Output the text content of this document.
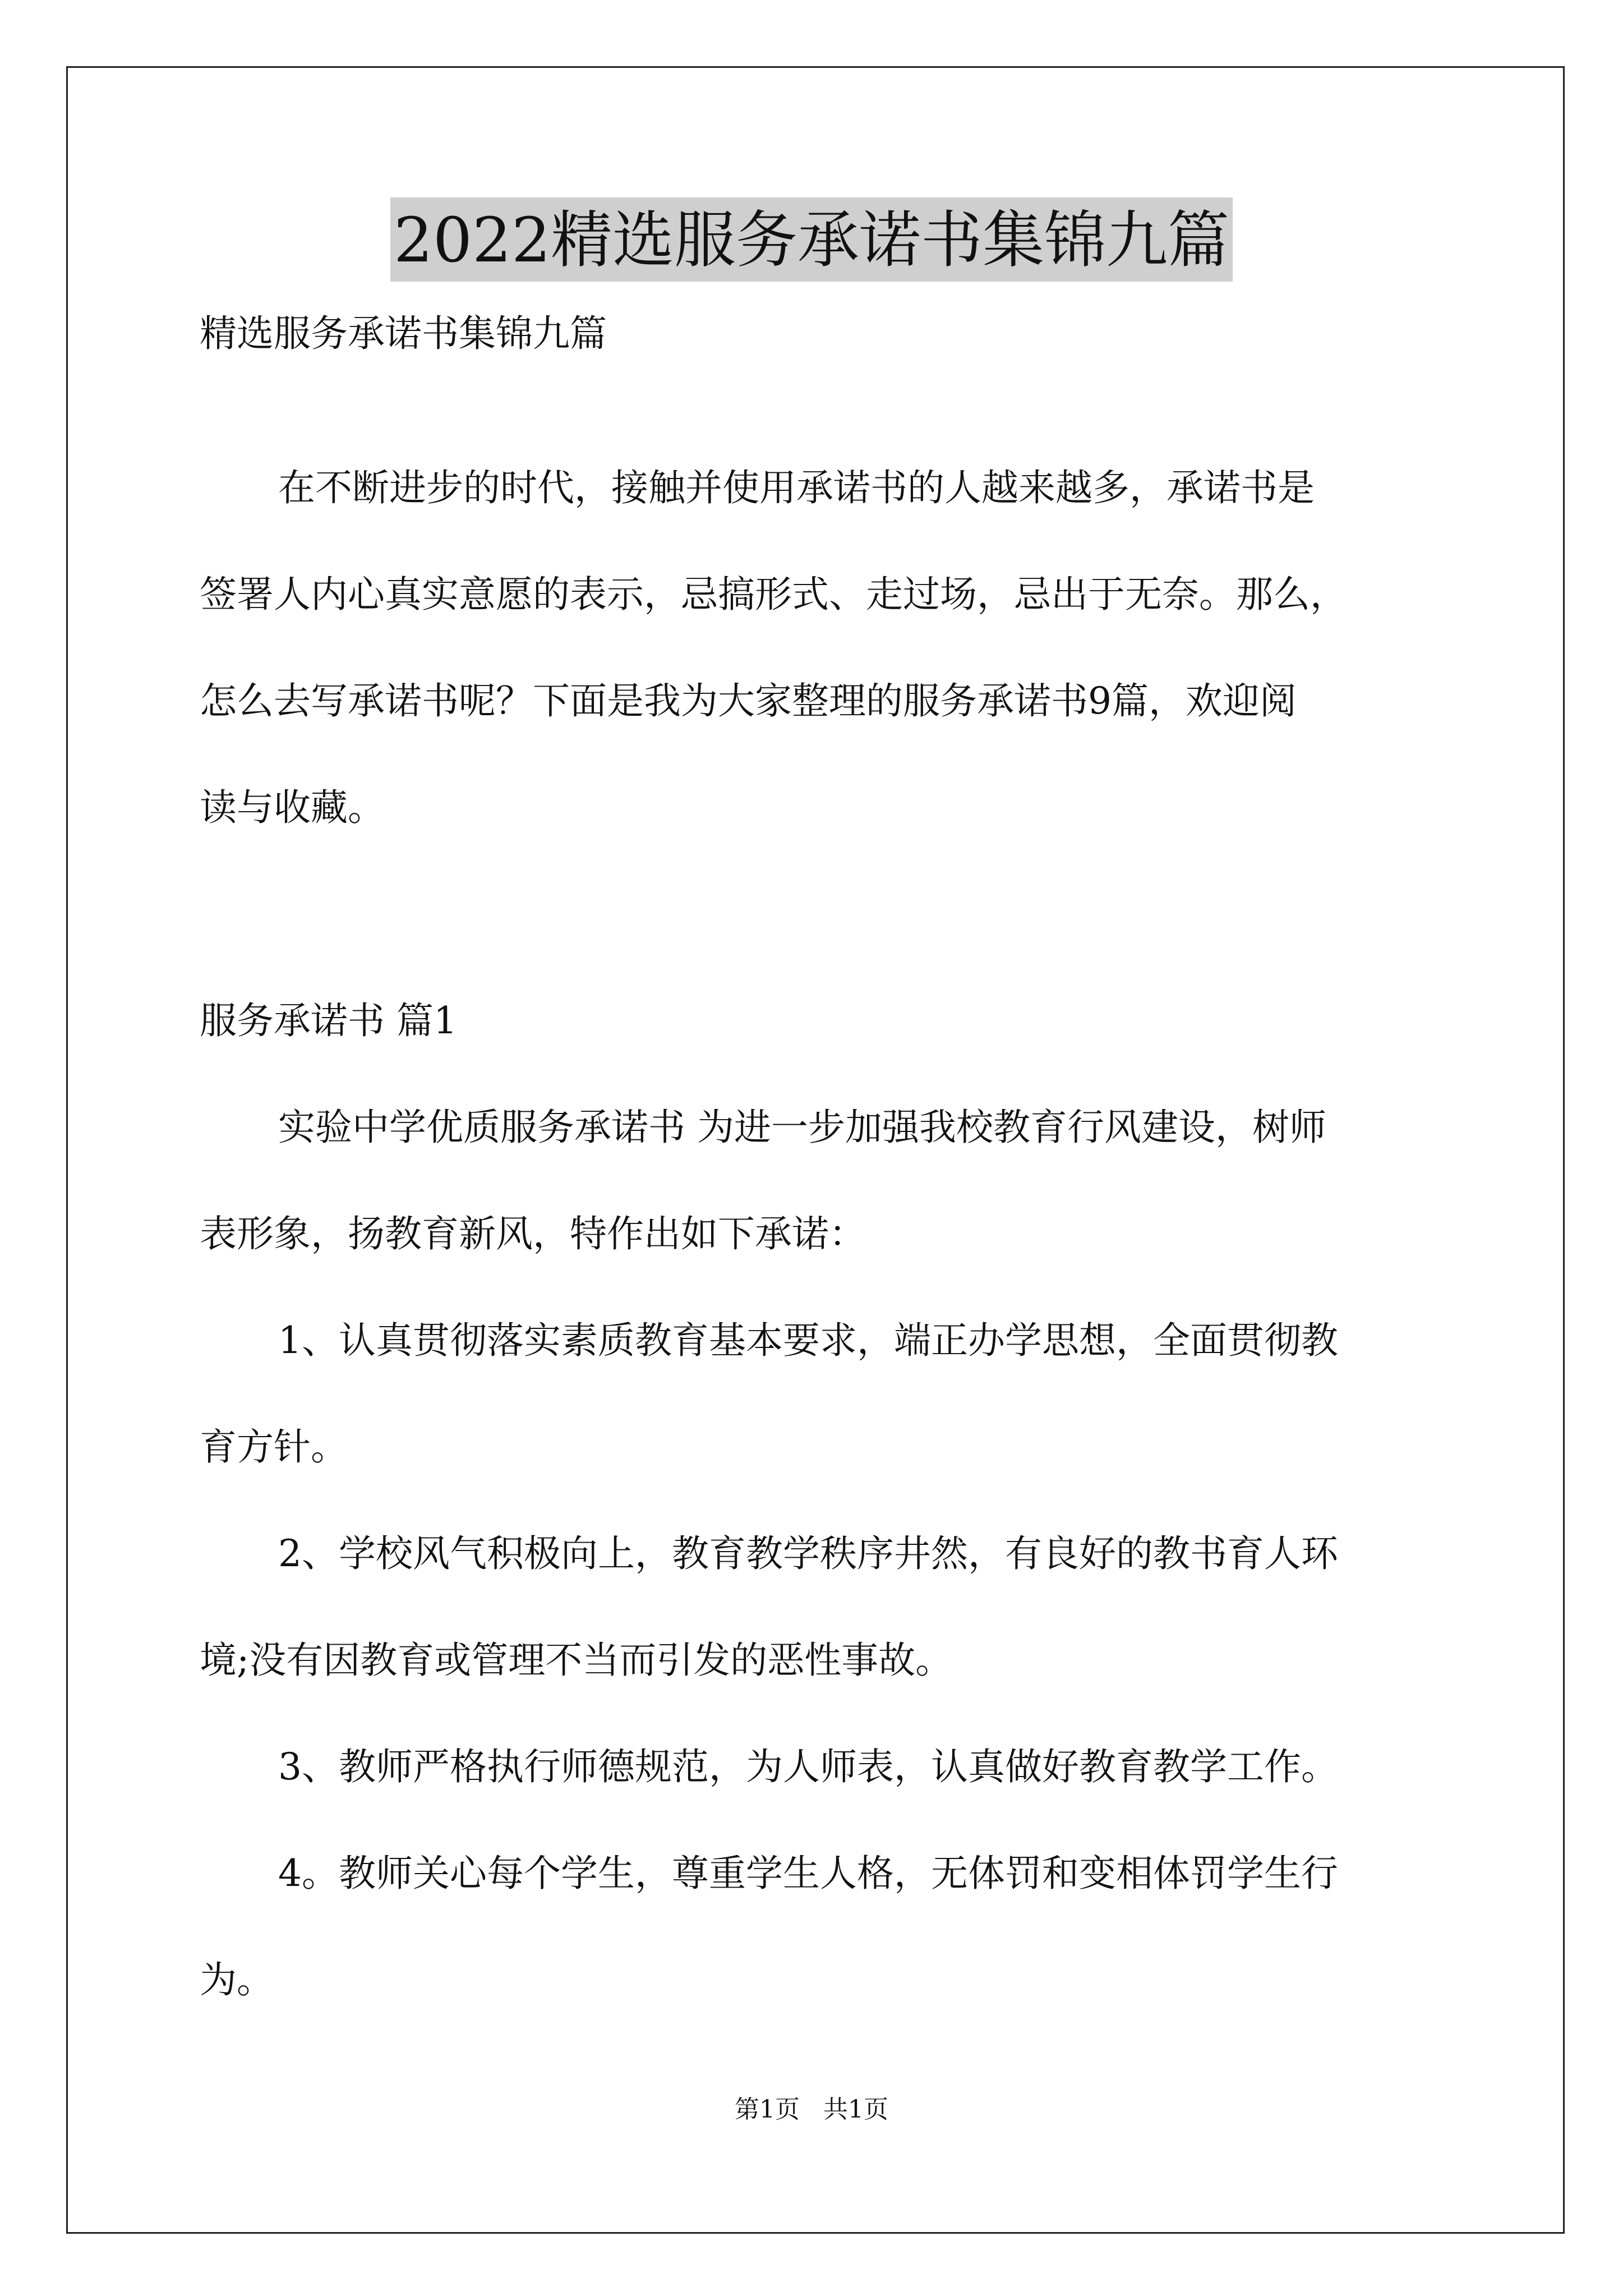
2022精选服务承诺书集锦九篇
精选服务承诺书集锦九篇
在不断进步的时代，接触并使用承诺书的人越来越多，承诺书是
签署人内心真实意愿的表示，忌搞形式、走过场，忌出于无奈。那么，
怎么去写承诺书呢？下面是我为大家整理的服务承诺书9篇，欢迎阅
读与收藏。
服务承诺书 篇1
实验中学优质服务承诺书 为进一步加强我校教育行风建设，树师
表形象，扬教育新风，特作出如下承诺：
1、认真贯彻落实素质教育基本要求，端正办学思想，全面贯彻教
育方针。
2、学校风气积极向上，教育教学秩序井然，有良好的教书育人环
境;没有因教育或管理不当而引发的恶性事故。
3、教师严格执行师德规范，为人师表，认真做好教育教学工作。
4。教师关心每个学生，尊重学生人格，无体罚和变相体罚学生行
为。
第1页   共1页
